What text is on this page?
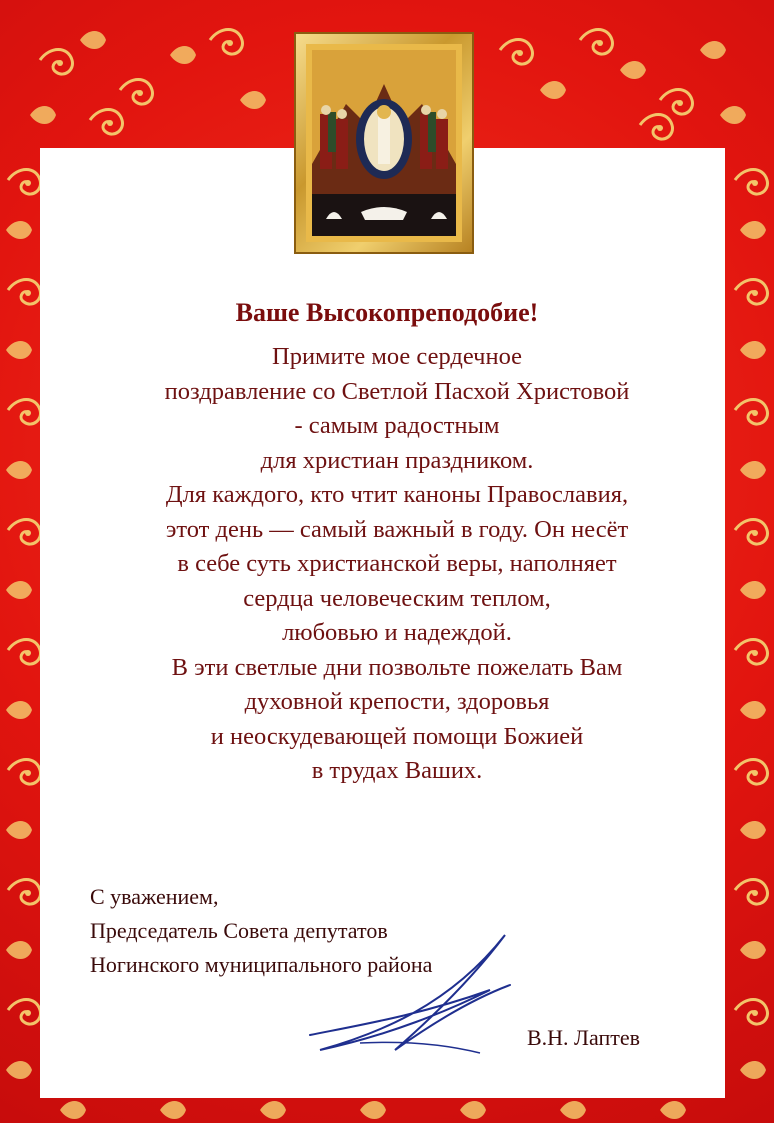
Ваше Высокопреподобие!
Примите мое сердечное
поздравление со Светлой Пасхой Христовой
- самым радостным
для христиан праздником.
Для каждого, кто чтит каноны Православия,
этот день — самый важный в году. Он несёт
в себе суть христианской веры, наполняет
сердца человеческим теплом,
любовью и надеждой.
В эти светлые дни позвольте пожелать Вам
духовной крепости, здоровья
и неоскудевающей помощи Божией
в трудах Ваших.
С уважением,
Председатель Совета депутатов
Ногинского муниципального района
В.Н. Лаптев
